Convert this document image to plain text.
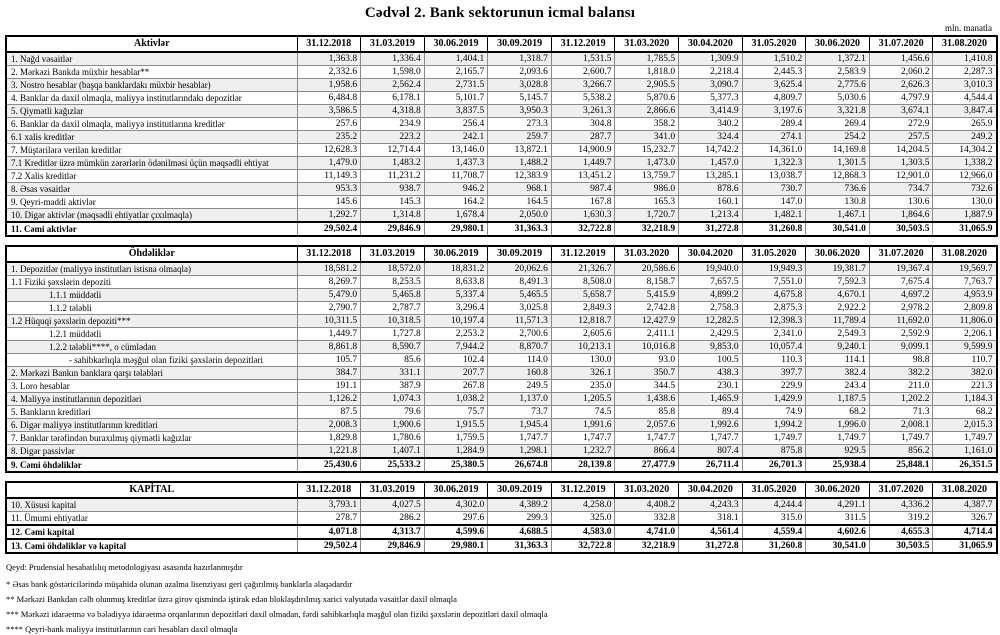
Cədvəl 2. Bank sektorunun icmal balansı
mln. manatla
Aktivlər	31.12.2018	31.03.2019	30.06.2019	30.09.2019	31.12.2019	31.03.2020	30.04.2020	31.05.2020	30.06.2020	31.07.2020	31.08.2020
1. Nağd vəsaitlər	1,363.8	1,336.4	1,404.1	1,318.7	1,531.5	1,785.5	1,309.9	1,510.2	1,372.1	1,456.6	1,410.8
2. Mərkəzi Bankda müxbir hesablar**	2,332.6	1,598.0	2,165.7	2,093.6	2,600.7	1,818.0	2,218.4	2,445.3	2,583.9	2,060.2	2,287.3
3. Nostro hesablar (başqa banklardakı müxbir hesablar)	1,958.6	2,562.4	2,731.5	3,028.8	3,266.7	2,905.5	3,090.7	3,625.4	2,775.6	2,626.3	3,010.3
4. Banklar da daxil olmaqla, maliyyə institutlarındakı depozitlər	6,484.8	6,178.1	5,101.7	5,145.7	5,538.2	5,870.6	5,377.3	4,809.7	5,030.6	4,797.9	4,544.4
5. Qiymətli kağızlar	3,586.5	4,318.8	3,837.5	3,950.3	3,261.3	2,866.6	3,414.9	3,197.6	3,321.8	3,674.1	3,847.4
6. Banklar da daxil olmaqla, maliyyə institutlarına kreditlər	257.6	234.9	256.4	273.3	304.8	358.2	340.2	289.4	269.4	272.9	265.9
6.1 xalis kreditlər	235.2	223.2	242.1	259.7	287.7	341.0	324.4	274.1	254.2	257.5	249.2
7. Müştərilərə verilən kreditlər	12,628.3	12,714.4	13,146.0	13,872.1	14,900.9	15,232.7	14,742.2	14,361.0	14,169.8	14,204.5	14,304.2
7.1 Kreditlər üzrə mümkün zərərlərin ödənilməsi üçün məqsədli ehtiyat	1,479.0	1,483.2	1,437.3	1,488.2	1,449.7	1,473.0	1,457.0	1,322.3	1,301.5	1,303.5	1,338.2
7.2 Xalis kreditlər	11,149.3	11,231.2	11,708.7	12,383.9	13,451.2	13,759.7	13,285.1	13,038.7	12,868.3	12,901.0	12,966.0
8. Əsas vəsaitlər	953.3	938.7	946.2	968.1	987.4	986.0	878.6	730.7	736.6	734.7	732.6
9. Qeyri-maddi aktivlər	145.6	145.3	164.2	164.5	167.8	165.3	160.1	147.0	130.8	130.6	130.0
10. Digər aktivlər (məqsədli ehtiyatlar çıxılmaqla)	1,292.7	1,314.8	1,678.4	2,050.0	1,630.3	1,720.7	1,213.4	1,482.1	1,467.1	1,864.6	1,887.9
11. Cəmi aktivlər	29,502.4	29,846.9	29,980.1	31,363.3	32,722.8	32,218.9	31,272.8	31,260.8	30,541.0	30,503.5	31,065.9
Öhdəliklər	31.12.2018	31.03.2019	30.06.2019	30.09.2019	31.12.2019	31.03.2020	30.04.2020	31.05.2020	30.06.2020	31.07.2020	31.08.2020
1. Depozitlər (maliyyə institutları istisna olmaqla)	18,581.2	18,572.0	18,831.2	20,062.6	21,326.7	20,586.6	19,940.0	19,949.3	19,381.7	19,367.4	19,569.7
1.1 Fiziki şəxslərin depoziti	8,269.7	8,253.5	8,633.8	8,491.3	8,508.0	8,158.7	7,657.5	7,551.0	7,592.3	7,675.4	7,763.7
1.1.1 müddətli	5,479.0	5,465.8	5,337.4	5,465.5	5,658.7	5,415.9	4,899.2	4,675.8	4,670.1	4,697.2	4,953.9
1.1.2 tələbli	2,790.7	2,787.7	3,296.4	3,025.8	2,849.3	2,742.8	2,758.3	2,875.3	2,922.2	2,978.2	2,809.8
1.2 Hüquqi şəxslərin depoziti***	10,311.5	10,318.5	10,197.4	11,571.3	12,818.7	12,427.9	12,282.5	12,398.3	11,789.4	11,692.0	11,806.0
1.2.1 müddətli	1,449.7	1,727.8	2,253.2	2,700.6	2,605.6	2,411.1	2,429.5	2,341.0	2,549.3	2,592.9	2,206.1
1.2.2 tələbli****, o cümlədən	8,861.8	8,590.7	7,944.2	8,870.7	10,213.1	10,016.8	9,853.0	10,057.4	9,240.1	9,099.1	9,599.9
- sahibkarlıqla məşğul olan fiziki şəxslərin depozitləri	105.7	85.6	102.4	114.0	130.0	93.0	100.5	110.3	114.1	98.8	110.7
2. Mərkəzi Bankın banklara qarşı tələbləri	384.7	331.1	207.7	160.8	326.1	350.7	438.3	397.7	382.4	382.2	382.0
3. Loro hesablar	191.1	387.9	267.8	249.5	235.0	344.5	230.1	229.9	243.4	211.0	221.3
4. Maliyyə institutlarının depozitləri	1,126.2	1,074.3	1,038.2	1,137.0	1,205.5	1,438.6	1,465.9	1,429.9	1,187.5	1,202.2	1,184.3
5. Bankların kreditləri	87.5	79.6	75.7	73.7	74.5	85.8	89.4	74.9	68.2	71.3	68.2
6. Digər maliyyə institutlarının kreditləri	2,008.3	1,900.6	1,915.5	1,945.4	1,991.6	2,057.6	1,992.6	1,994.2	1,996.0	2,008.1	2,015.3
7. Banklar tərəfindən buraxılmış qiymətli kağızlar	1,829.8	1,780.6	1,759.5	1,747.7	1,747.7	1,747.7	1,747.7	1,749.7	1,749.7	1,749.7	1,749.7
8. Digər passivlər	1,221.8	1,407.1	1,284.9	1,298.1	1,232.7	866.4	807.4	875.8	929.5	856.2	1,161.0
9. Cəmi öhdəliklər	25,430.6	25,533.2	25,380.5	26,674.8	28,139.8	27,477.9	26,711.4	26,701.3	25,938.4	25,848.1	26,351.5
KAPİTAL	31.12.2018	31.03.2019	30.06.2019	30.09.2019	31.12.2019	31.03.2020	30.04.2020	31.05.2020	30.06.2020	31.07.2020	31.08.2020
10. Xüsusi kapital	3,793.1	4,027.5	4,302.0	4,389.2	4,258.0	4,408.2	4,243.3	4,244.4	4,291.1	4,336.2	4,387.7
11. Ümumi ehtiyatlar	278.7	286.2	297.6	299.3	325.0	332.8	318.1	315.0	311.5	319.2	326.7
12. Cəmi kapital	4,071.8	4,313.7	4,599.6	4,688.5	4,583.0	4,741.0	4,561.4	4,559.4	4,602.6	4,655.3	4,714.4
13. Cəmi öhdəliklər və kapital	29,502.4	29,846.9	29,980.1	31,363.3	32,722.8	32,218.9	31,272.8	31,260.8	30,541.0	30,503.5	31,065.9
Qeyd: Prudensial hesabatlılıq metodologiyası əsasında hazırlanmışdır
* Əsas bank göstəricilərində müşahidə olunan azalma lisenziyası geri çağırılmış banklarla əlaqədardır
** Mərkəzi Bankdan cəlb olunmuş kreditlər üzrə girov qismində iştirak edən bloklaşdırılmış xarici valyutada vəsaitlər daxil olmaqla
*** Mərkəzi idarəetmə və bələdiyyə idarəetmə orqanlarının depozitləri daxil olmadan, fərdi sahibkarlıqla məşğul olan fiziki şəxslərin depozitləri daxil olmaqla
**** Qeyri-bank maliyyə institutlarının cari hesabları daxil olmaqla
